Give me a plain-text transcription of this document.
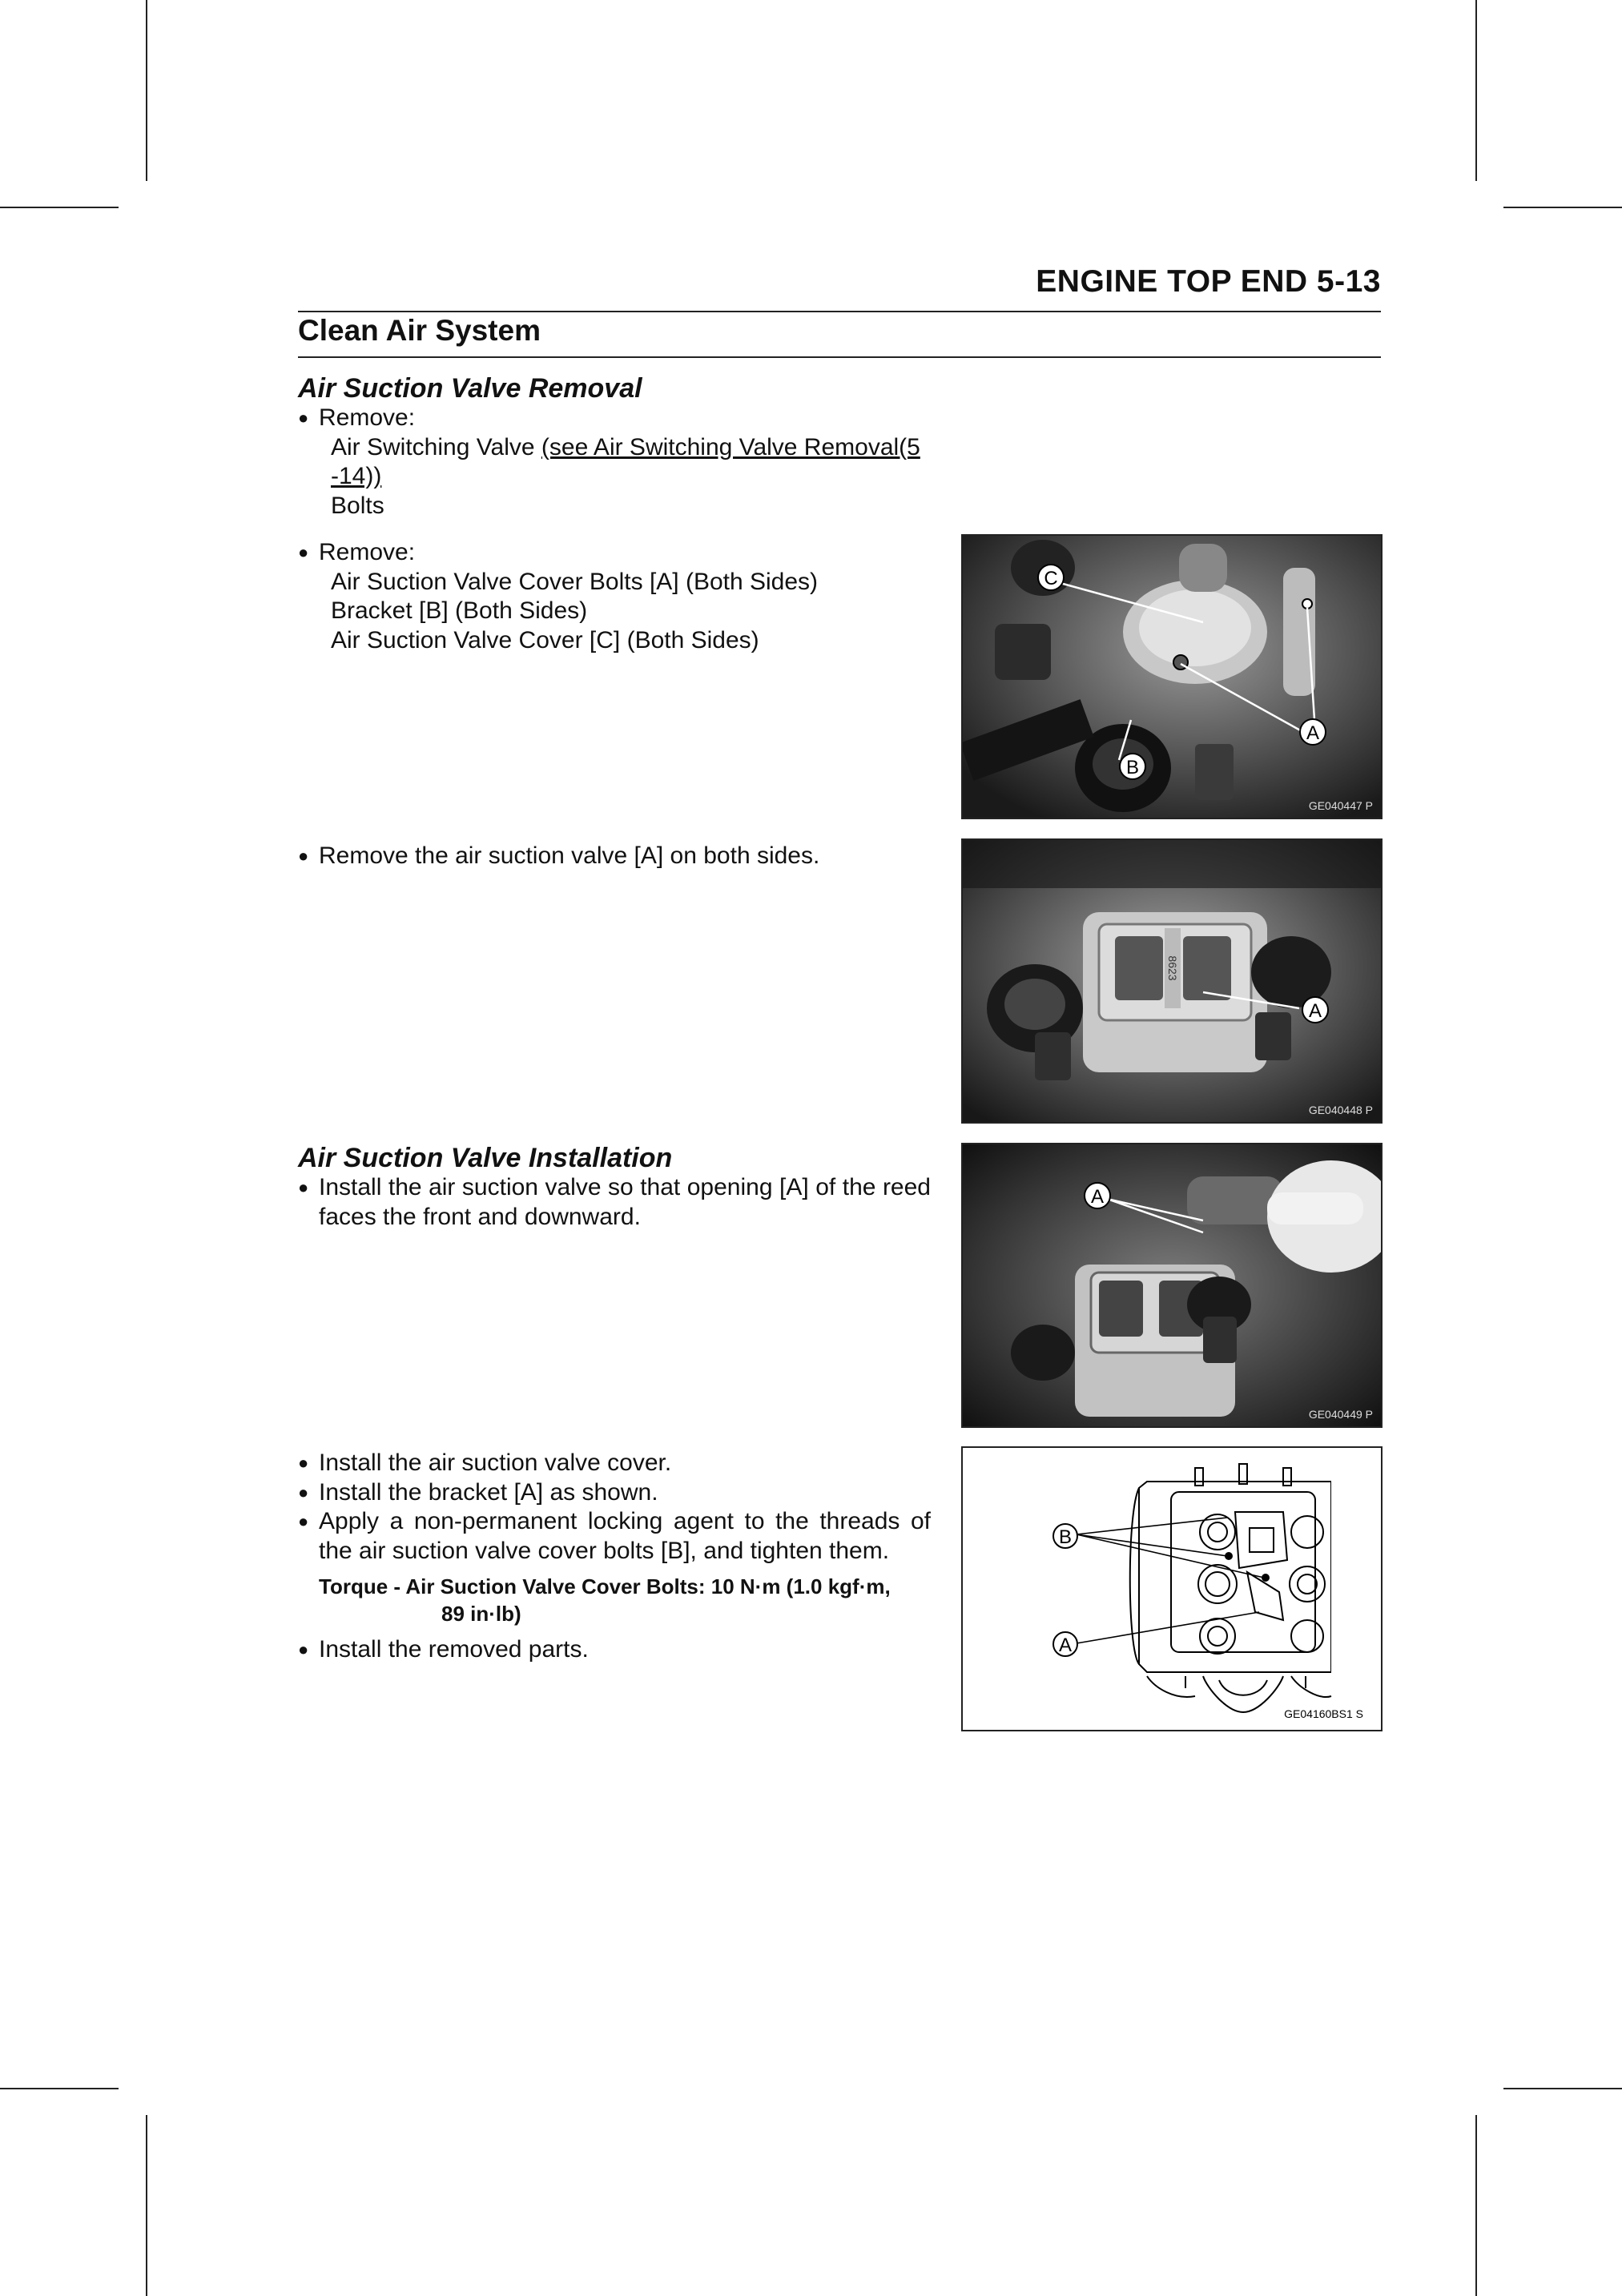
ENGINE TOP END 5-13
Clean Air System
Air Suction Valve Removal
● Remove:
Air Switching Valve (see Air Switching Valve Removal(5
-14))
Bolts
● Remove:
Air Suction Valve Cover Bolts [A] (Both Sides)
Bracket [B] (Both Sides)
Air Suction Valve Cover [C] (Both Sides)
● Remove the air suction valve [A] on both sides.
Air Suction Valve Installation
● Install the air suction valve so that opening [A] of the reed faces the front and downward.
● Install the air suction valve cover.
● Install the bracket [A] as shown.
● Apply a non-permanent locking agent to the threads of the air suction valve cover bolts [B], and tighten them.
Torque - Air Suction Valve Cover Bolts: 10 N·m (1.0 kgf·m,
89 in·lb)
● Install the removed parts.
C
A
B
GE040447 P
8623
A
GE040448 P
A
GE040449 P
B
A
GE04160BS1 S
